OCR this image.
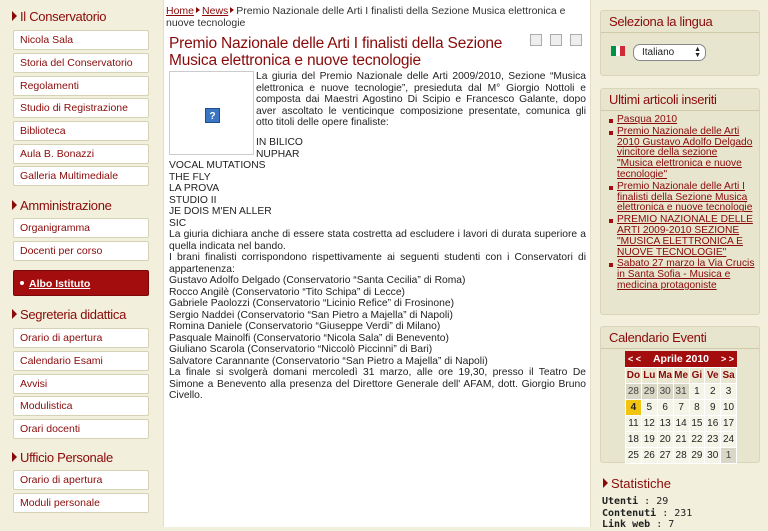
Il Conservatorio
Nicola Sala
Storia del Conservatorio
Regolamenti
Studio di Registrazione
Biblioteca
Aula B. Bonazzi
Galleria Multimediale
Amministrazione
Organigramma
Docenti per corso
Albo Istituto
Segreteria didattica
Orario di apertura
Calendario Esami
Avvisi
Modulistica
Orari docenti
Ufficio Personale
Orario di apertura
Moduli personale
Home News Premio Nazionale delle Arti I finalisti della Sezione Musica elettronica e nuove tecnologie
Premio Nazionale delle Arti I finalisti della Sezione Musica elettronica e nuove tecnologie
?
La giuria del Premio Nazionale delle Arti 2009/2010, Sezione “Musica elettronica e nuove tecnologie”, presieduta dal M° Giorgio Nottoli e composta dai Maestri Agostino Di Scipio e Francesco Galante, dopo aver ascoltato le venticinque composizione presentate, comunica gli otto titoli delle opere finaliste:
IN BILICO
NUPHAR
VOCAL MUTATIONS
THE FLY
LA PROVA
STUDIO II
JE DOIS M'EN ALLER
SIC

La giuria dichiara anche di essere stata costretta ad escludere i lavori di durata superiore a quella indicata nel bando.

I brani finalisti corrispondono rispettivamente ai seguenti studenti con i Conservatori di appartenenza:

Gustavo Adolfo Delgado (Conservatorio “Santa Cecilia” di Roma)
Rocco Angilè (Conservatorio “Tito Schipa” di Lecce)
Gabriele Paolozzi (Conservatorio “Licinio Refice” di Frosinone)
Sergio Naddei (Conservatorio “San Pietro a Majella” di Napoli)
Romina Daniele (Conservatorio “Giuseppe Verdi” di Milano)
Pasquale Mainolfi (Conservatorio “Nicola Sala” di Benevento)
Giuliano Scarola (Conservatorio “Niccolò Piccinni” di Bari)
Salvatore Carannante (Conservatorio “San Pietro a Majella” di Napoli)

La finale si svolgerà domani mercoledì 31 marzo, alle ore 19,30, presso il Teatro De Simone a Benevento alla presenza del Direttore Generale dell' AFAM, dott. Giorgio Bruno Civello.

Seleziona la lingua
Italiano	▲
▼
Ultimi articoli inseriti
Pasqua 2010
Premio Nazionale delle Arti 2010 Gustavo Adolfo Delgado vincitore della sezione "Musica elettronica e nuove tecnologie"
Premio Nazionale delle Arti I finalisti della Sezione Musica elettronica e nuove tecnologie
PREMIO NAZIONALE DELLE ARTI 2009-2010 SEZIONE "MUSICA ELETTRONICA E NUOVE TECNOLOGIE"
Sabato 27 marzo la Via Crucis in Santa Sofia - Musica e medicina protagoniste
Calendario Eventi
Statistiche
Utenti : 29
Contenuti : 231
Link web : 7
< < Aprile 2010 > >
Do	Lu	Ma	Me	Gi	Ve	Sa
28	29	30	31	1	2	3
4	5	6	7	8	9	10
11	12	13	14	15	16	17
18	19	20	21	22	23	24
25	26	27	28	29	30	1
